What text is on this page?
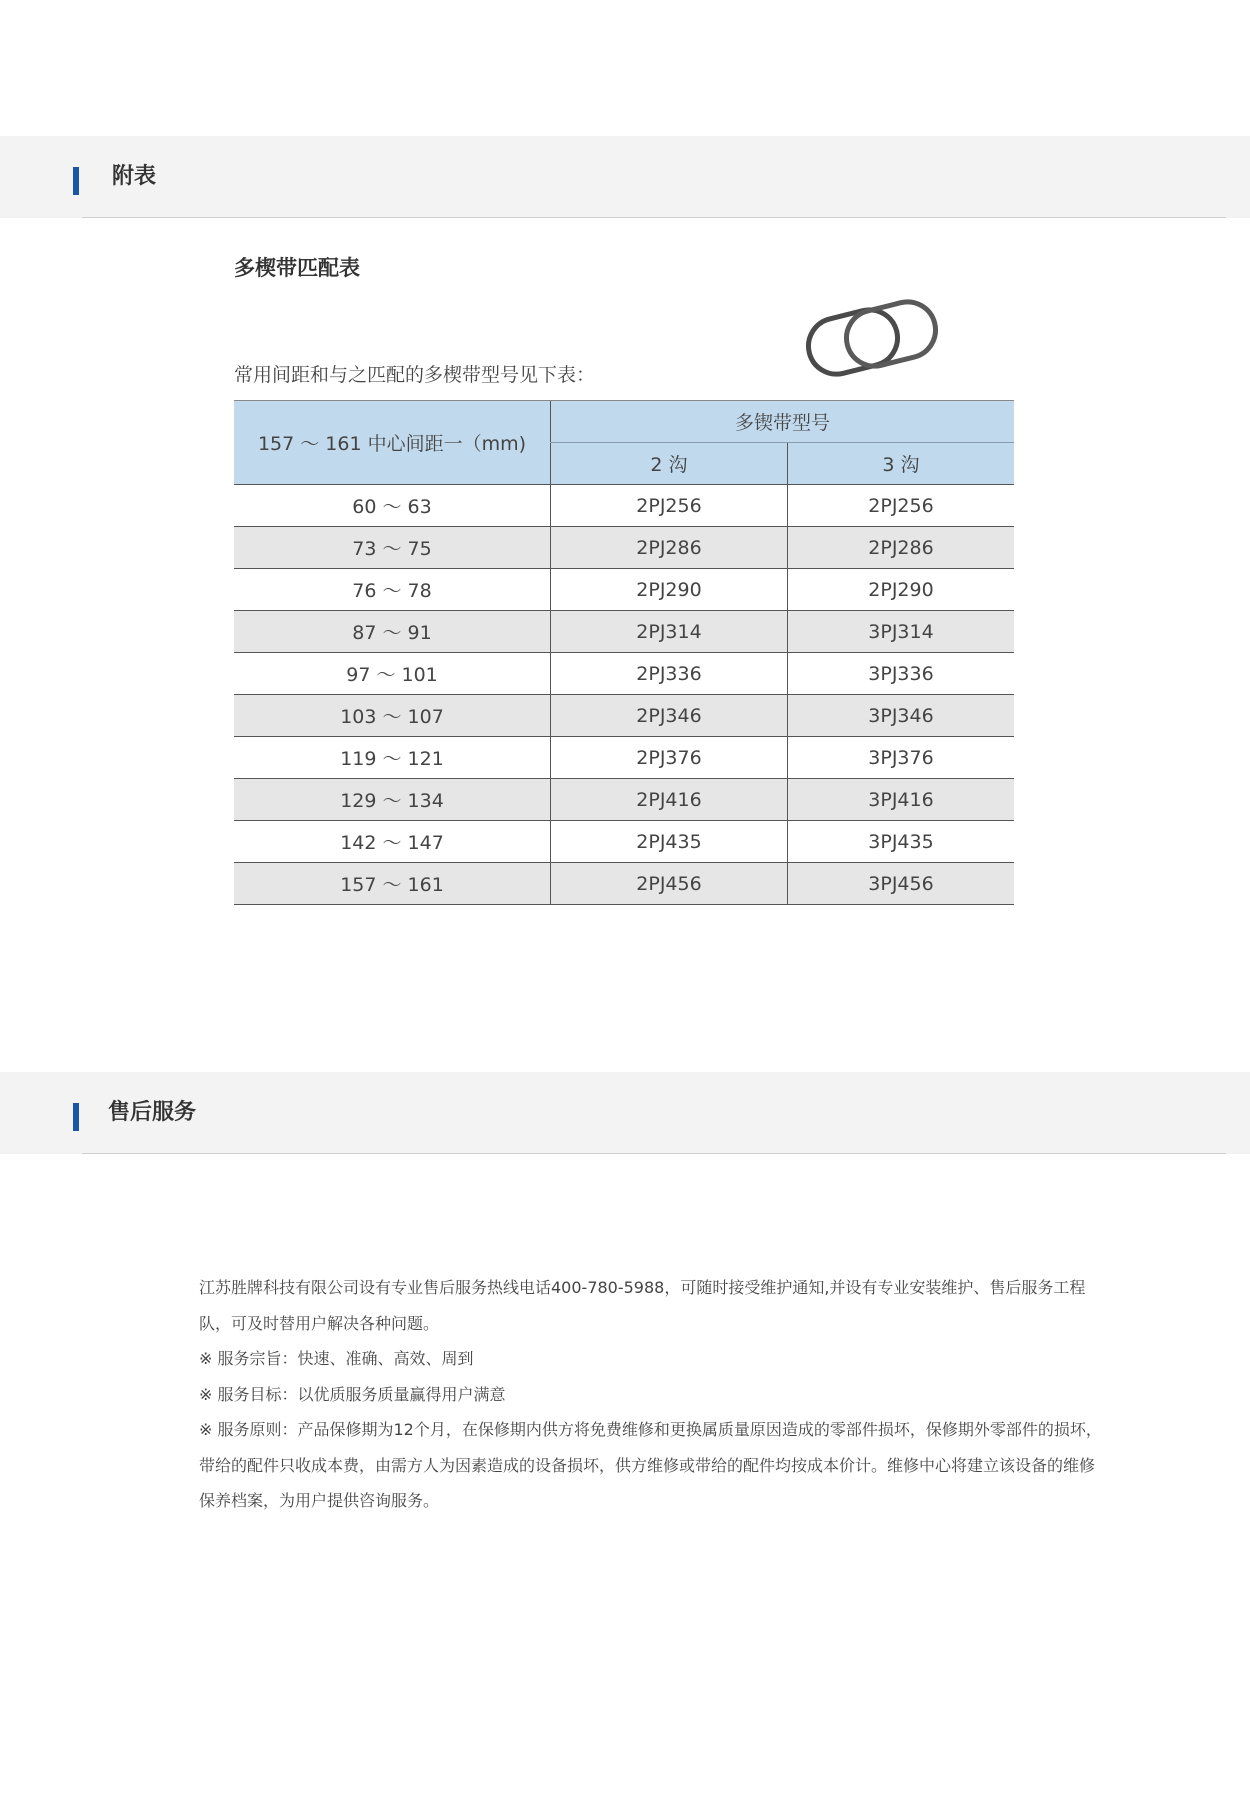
附表
多楔带匹配表
常用间距和与之匹配的多楔带型号见下表：
157 ～ 161 中心间距一（mm)	多锲带型号	
	2 沟	3 沟
60 ～ 63	2PJ256	2PJ256
73 ～ 75	2PJ286	2PJ286
76 ～ 78	2PJ290	2PJ290
87 ～ 91	2PJ314	3PJ314
97 ～ 101	2PJ336	3PJ336
103 ～ 107	2PJ346	3PJ346
119 ～ 121	2PJ376	3PJ376
129 ～ 134	2PJ416	3PJ416
142 ～ 147	2PJ435	3PJ435
157 ～ 161	2PJ456	3PJ456
售后服务

江苏胜牌科技有限公司设有专业售后服务热线电话400-780-5988，可随时接受维护通知,并设有专业安装维护、售后服务工程队，可及时替用户解决各种问题。

※ 服务宗旨：快速、准确、高效、周到

※ 服务目标：以优质服务质量赢得用户满意

※ 服务原则：产品保修期为12个月，在保修期内供方将免费维修和更换属质量原因造成的零部件损坏，保修期外零部件的损坏，带给的配件只收成本费，由需方人为因素造成的设备损坏，供方维修或带给的配件均按成本价计。维修中心将建立该设备的维修保养档案，为用户提供咨询服务。
